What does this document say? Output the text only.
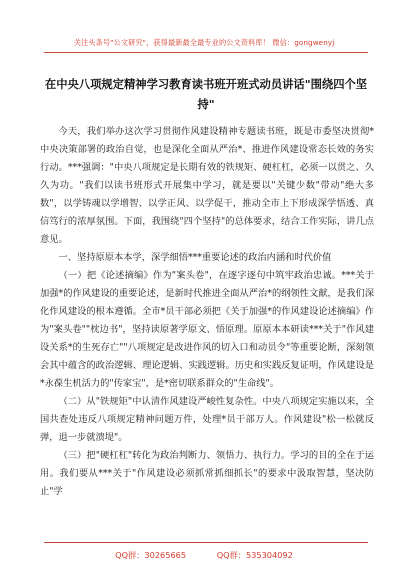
关注头条号"公文研究"，获得最新最全最专业的公文资料库！ 微信：gongwenyj
在中央八项规定精神学习教育读书班开班式动员讲话"围绕四个坚持"

今天，我们举办这次学习贯彻作风建设精神专题读书班，既是市委坚决贯彻*中央决策部署的政治自觉，也是深化全面从严治*、推进作风建设常态长效的务实行动。***强调："中央八项规定是长期有效的铁规矩、硬杠杠，必须一以贯之、久久为功。"我们以读书班形式开展集中学习，就是要以"关键少数"带动"绝大多数"，以学铸魂以学增智、以学正风、以学促干，推动全市上下形成深学悟透、真信笃行的浓厚氛围。下面，我围绕"四个坚持"的总体要求，结合工作实际，讲几点意见。

一、坚持原原本本学，深学细悟***重要论述的政治内涵和时代价值

（一）把《论述摘编》作为"案头卷"，在逐字逐句中筑牢政治忠诚。***关于加强*的作风建设的重要论述，是新时代推进全面从严治*的纲领性文献，是我们深化作风建设的根本遵循。全市*员干部必须把《关于加强*的作风建设论述摘编》作为"案头卷""枕边书"，坚持读原著学原文、悟原理。原原本本研读***关于"作风建设关系*的生死存亡""八项规定是改进作风的切入口和动员令"等重要论断，深刻领会其中蕴含的政治逻辑、理论逻辑、实践逻辑。历史和实践反复证明，作风建设是*永葆生机活力的"传家宝"，是*密切联系群众的"生命线"。

（二）从"铁规矩"中认清作风建设严峻性复杂性。中央八项规定实施以来，全国共查处违反八项规定精神问题万件，处理*员干部万人。作风建设"松一松就反弹，退一步就溃堤"。

（三）把"硬杠杠"转化为政治判断力、领悟力、执行力。学习的目的全在于运用。我们要从***关于"作风建设必须抓常抓细抓长"的要求中汲取智慧，坚决防止"学

QQ群：30265665	QQ群：535304092
